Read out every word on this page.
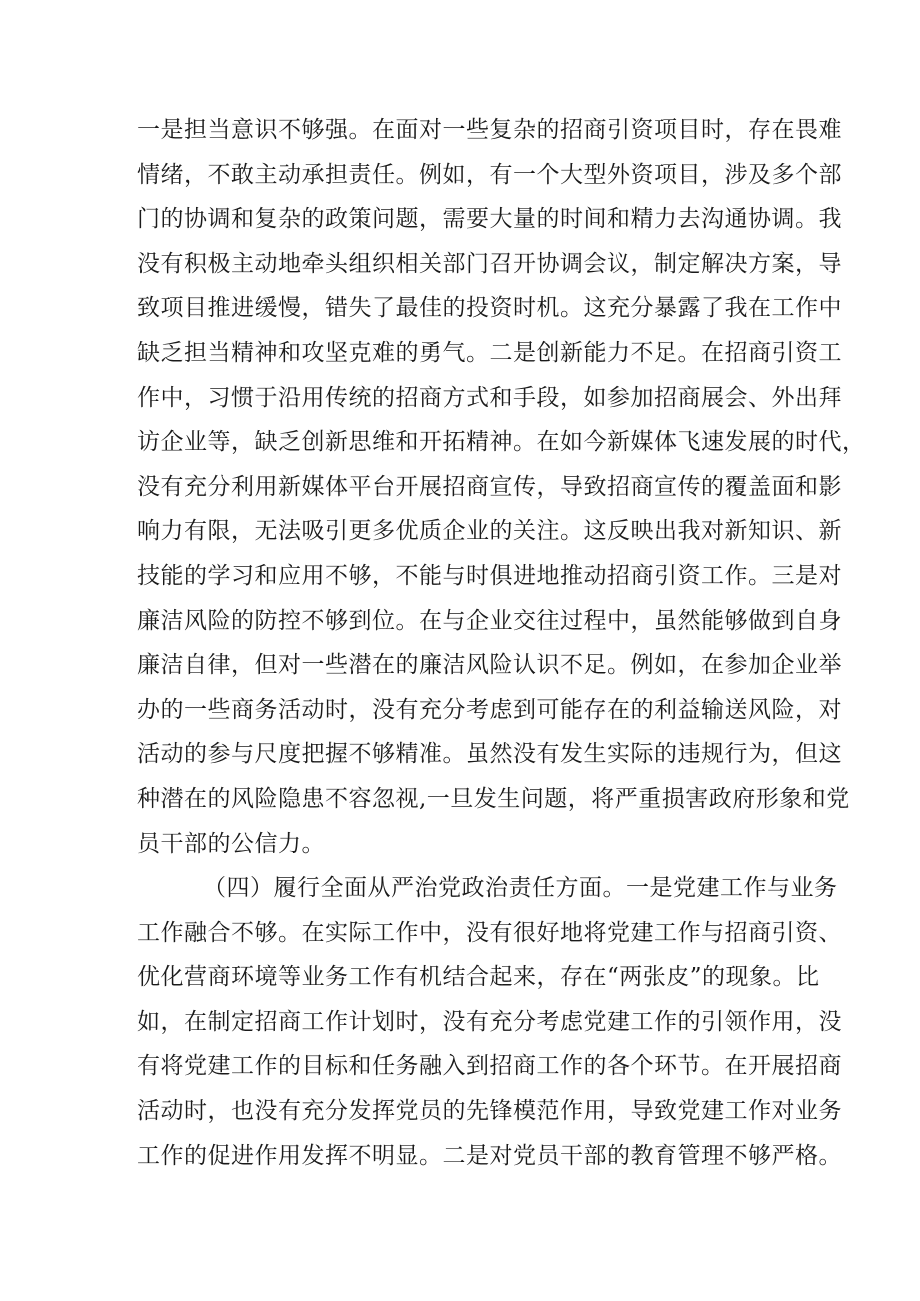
一是担当意识不够强。在面对一些复杂的招商引资项目时，存在畏难
情绪，不敢主动承担责任。例如，有一个大型外资项目，涉及多个部
门的协调和复杂的政策问题，需要大量的时间和精力去沟通协调。我
没有积极主动地牵头组织相关部门召开协调会议，制定解决方案，导
致项目推进缓慢，错失了最佳的投资时机。这充分暴露了我在工作中
缺乏担当精神和攻坚克难的勇气。二是创新能力不足。在招商引资工
作中，习惯于沿用传统的招商方式和手段，如参加招商展会、外出拜
访企业等，缺乏创新思维和开拓精神。在如今新媒体飞速发展的时代，
没有充分利用新媒体平台开展招商宣传，导致招商宣传的覆盖面和影
响力有限，无法吸引更多优质企业的关注。这反映出我对新知识、新
技能的学习和应用不够，不能与时俱进地推动招商引资工作。三是对
廉洁风险的防控不够到位。在与企业交往过程中，虽然能够做到自身
廉洁自律，但对一些潜在的廉洁风险认识不足。例如，在参加企业举
办的一些商务活动时，没有充分考虑到可能存在的利益输送风险，对
活动的参与尺度把握不够精准。虽然没有发生实际的违规行为，但这
种潜在的风险隐患不容忽视,一旦发生问题，将严重损害政府形象和党
员干部的公信力。
（四）履行全面从严治党政治责任方面。一是党建工作与业务
工作融合不够。在实际工作中，没有很好地将党建工作与招商引资、
优化营商环境等业务工作有机结合起来，存在“两张皮”的现象。比
如，在制定招商工作计划时，没有充分考虑党建工作的引领作用，没
有将党建工作的目标和任务融入到招商工作的各个环节。在开展招商
活动时，也没有充分发挥党员的先锋模范作用，导致党建工作对业务
工作的促进作用发挥不明显。二是对党员干部的教育管理不够严格。
